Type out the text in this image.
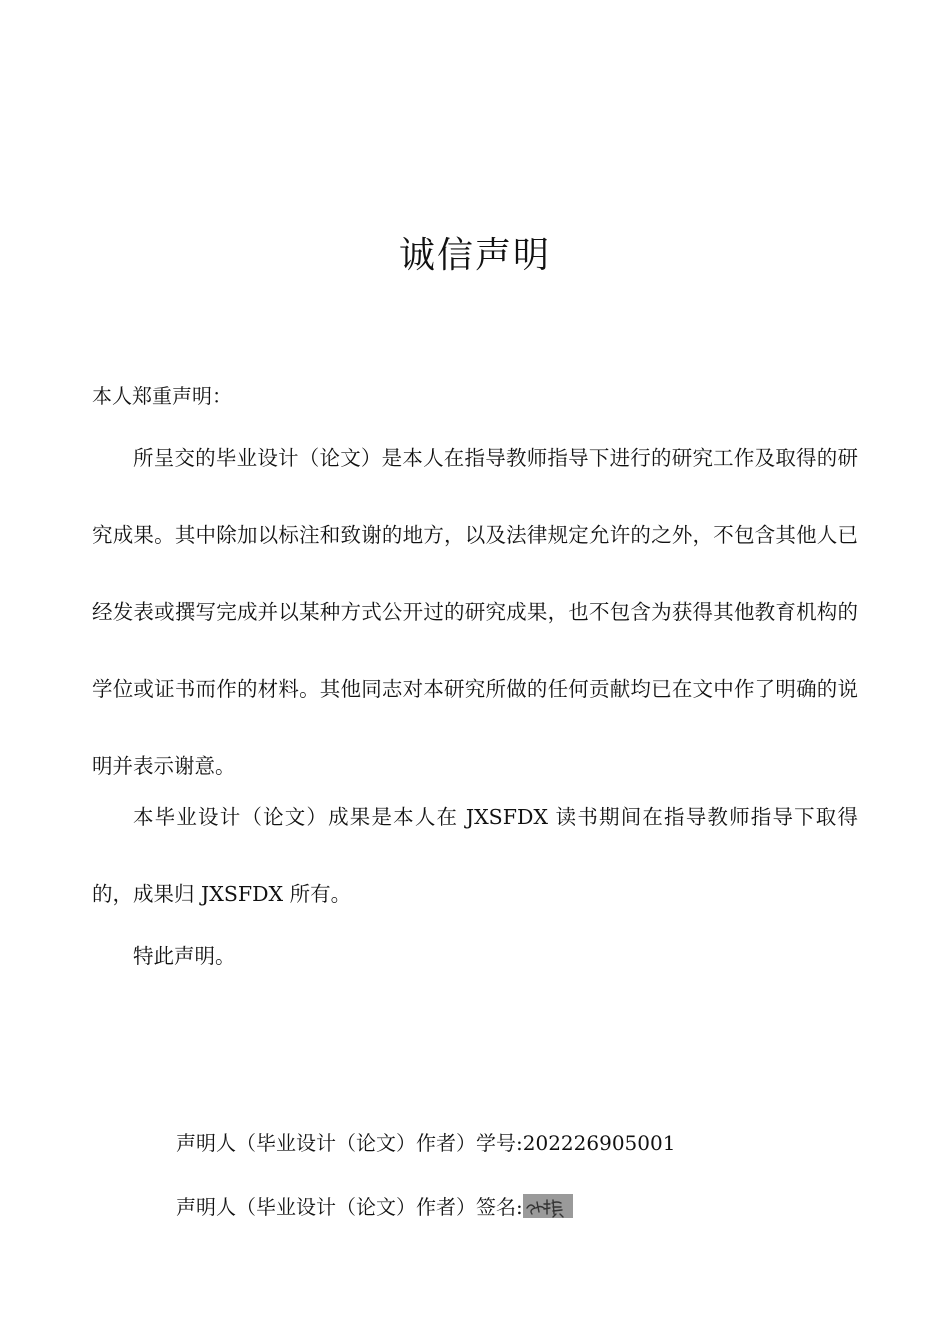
诚信声明
本人郑重声明：

所呈交的毕业设计（论文）是本人在指导教师指导下进行的研究工作及取得的研究成果。其中除加以标注和致谢的地方，以及法律规定允许的之外，不包含其他人已经发表或撰写完成并以某种方式公开过的研究成果，也不包含为获得其他教育机构的学位或证书而作的材料。其他同志对本研究所做的任何贡献均已在文中作了明确的说明并表示谢意。

本毕业设计（论文）成果是本人在 JXSFDX 读书期间在指导教师指导下取得的，成果归 JXSFDX 所有。

特此声明。

声明人（毕业设计（论文）作者）学号:202226905001
声明人（毕业设计（论文）作者）签名:
